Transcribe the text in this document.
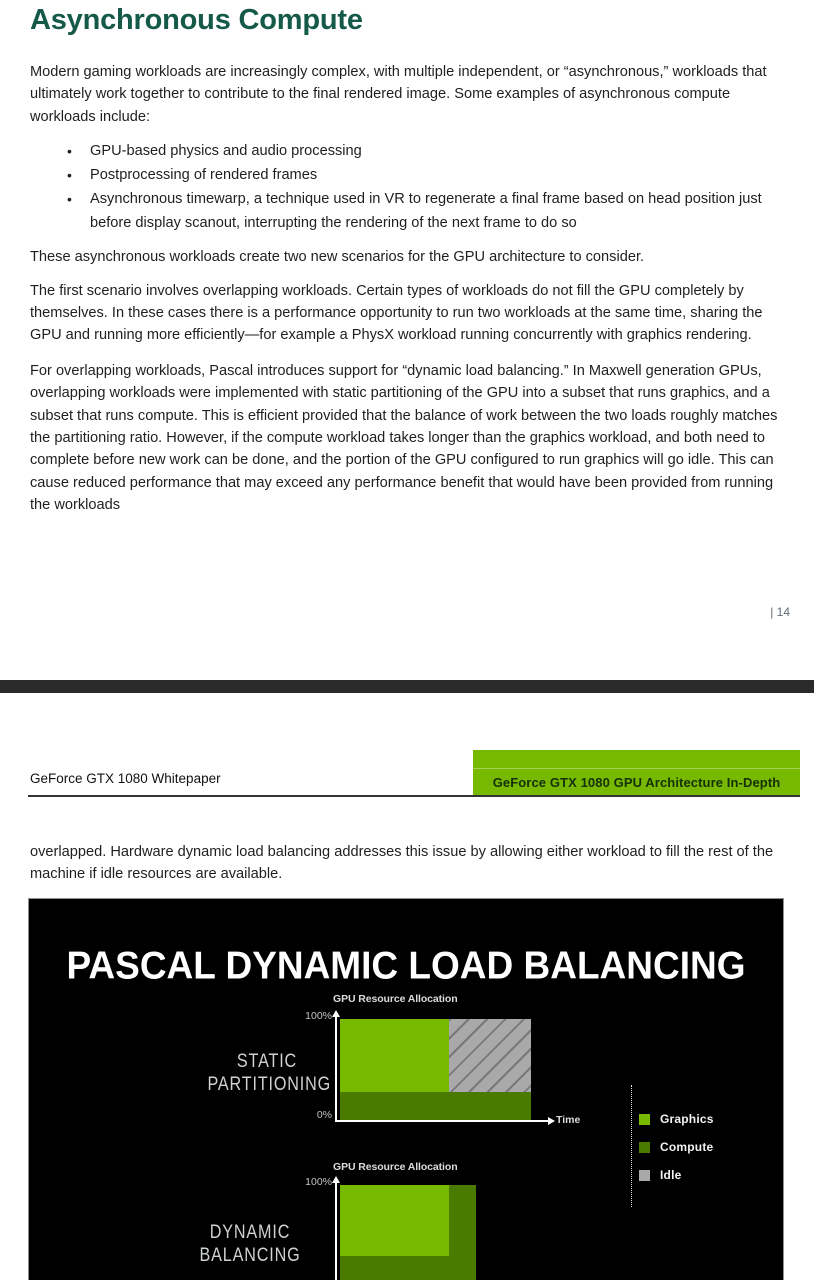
Asynchronous Compute

Modern gaming workloads are increasingly complex, with multiple independent, or “asynchronous,” workloads that ultimately work together to contribute to the final rendered image. Some examples of asynchronous compute workloads include:

• GPU-based physics and audio processing
• Postprocessing of rendered frames
• Asynchronous timewarp, a technique used in VR to regenerate a final frame based on head position just before display scanout, interrupting the rendering of the next frame to do so

These asynchronous workloads create two new scenarios for the GPU architecture to consider.

The first scenario involves overlapping workloads. Certain types of workloads do not fill the GPU completely by themselves. In these cases there is a performance opportunity to run two workloads at the same time, sharing the GPU and running more efficiently—for example a PhysX workload running concurrently with graphics rendering.

For overlapping workloads, Pascal introduces support for “dynamic load balancing.” In Maxwell generation GPUs, overlapping workloads were implemented with static partitioning of the GPU into a subset that runs graphics, and a subset that runs compute. This is efficient provided that the balance of work between the two loads roughly matches the partitioning ratio. However, if the compute workload takes longer than the graphics workload, and both need to complete before new work can be done, and the portion of the GPU configured to run graphics will go idle. This can cause reduced performance that may exceed any performance benefit that would have been provided from running the workloads

| 14
GeForce GTX 1080 Whitepaper	GeForce GTX 1080 GPU Architecture In-Depth

overlapped. Hardware dynamic load balancing addresses this issue by allowing either workload to fill the rest of the machine if idle resources are available.

PASCAL DYNAMIC LOAD BALANCING
GPU Resource Allocation
100%
0%	Time
STATIC PARTITIONING
Graphics
Compute
Idle
GPU Resource Allocation
100%
DYNAMIC BALANCING
